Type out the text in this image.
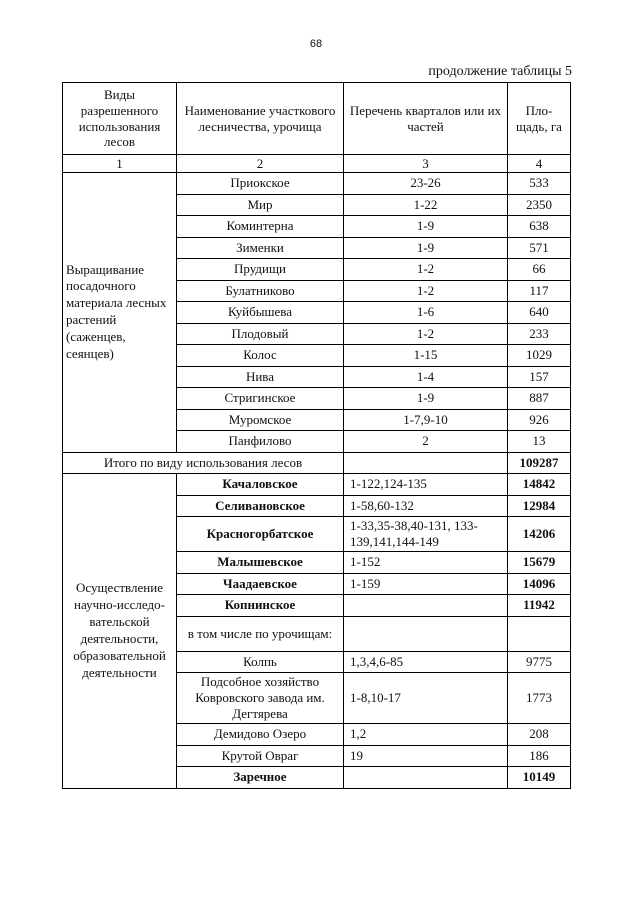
68
продолжение таблицы 5
Виды разрешенного использования лесов	Наименование участкового лесничества, урочища	Перечень кварталов или их частей	Пло-щадь, га
1	2	3	4
Выращивание посадочного материала лесных растений (саженцев, сеянцев)	Приокское	23-26	533
	Мир	1-22	2350
	Коминтерна	1-9	638
	Зименки	1-9	571
	Прудищи	1-2	66
	Булатниково	1-2	117
	Куйбышева	1-6	640
	Плодовый	1-2	233
	Колос	1-15	1029
	Нива	1-4	157
	Стригинское	1-9	887
	Муромское	1-7,9-10	926
	Панфилово	2	13
Итого по виду использования лесов			109287
Осуществление научно-исследо-вательской деятельности, образовательной деятельности	Качаловское	1-122,124-135	14842
	Селивановское	1-58,60-132	12984
	Красногорбатское	1-33,35-38,40-131, 133-139,141,144-149	14206
	Малышевское	1-152	15679
	Чаадаевское	1-159	14096
	Копнинское		11942
	в том числе по урочищам:		
	Колпь	1,3,4,6-85	9775
	Подсобное хозяйство Ковровского завода им. Дегтярева	1-8,10-17	1773
	Демидово Озеро	1,2	208
	Крутой Овраг	19	186
	Заречное		10149
